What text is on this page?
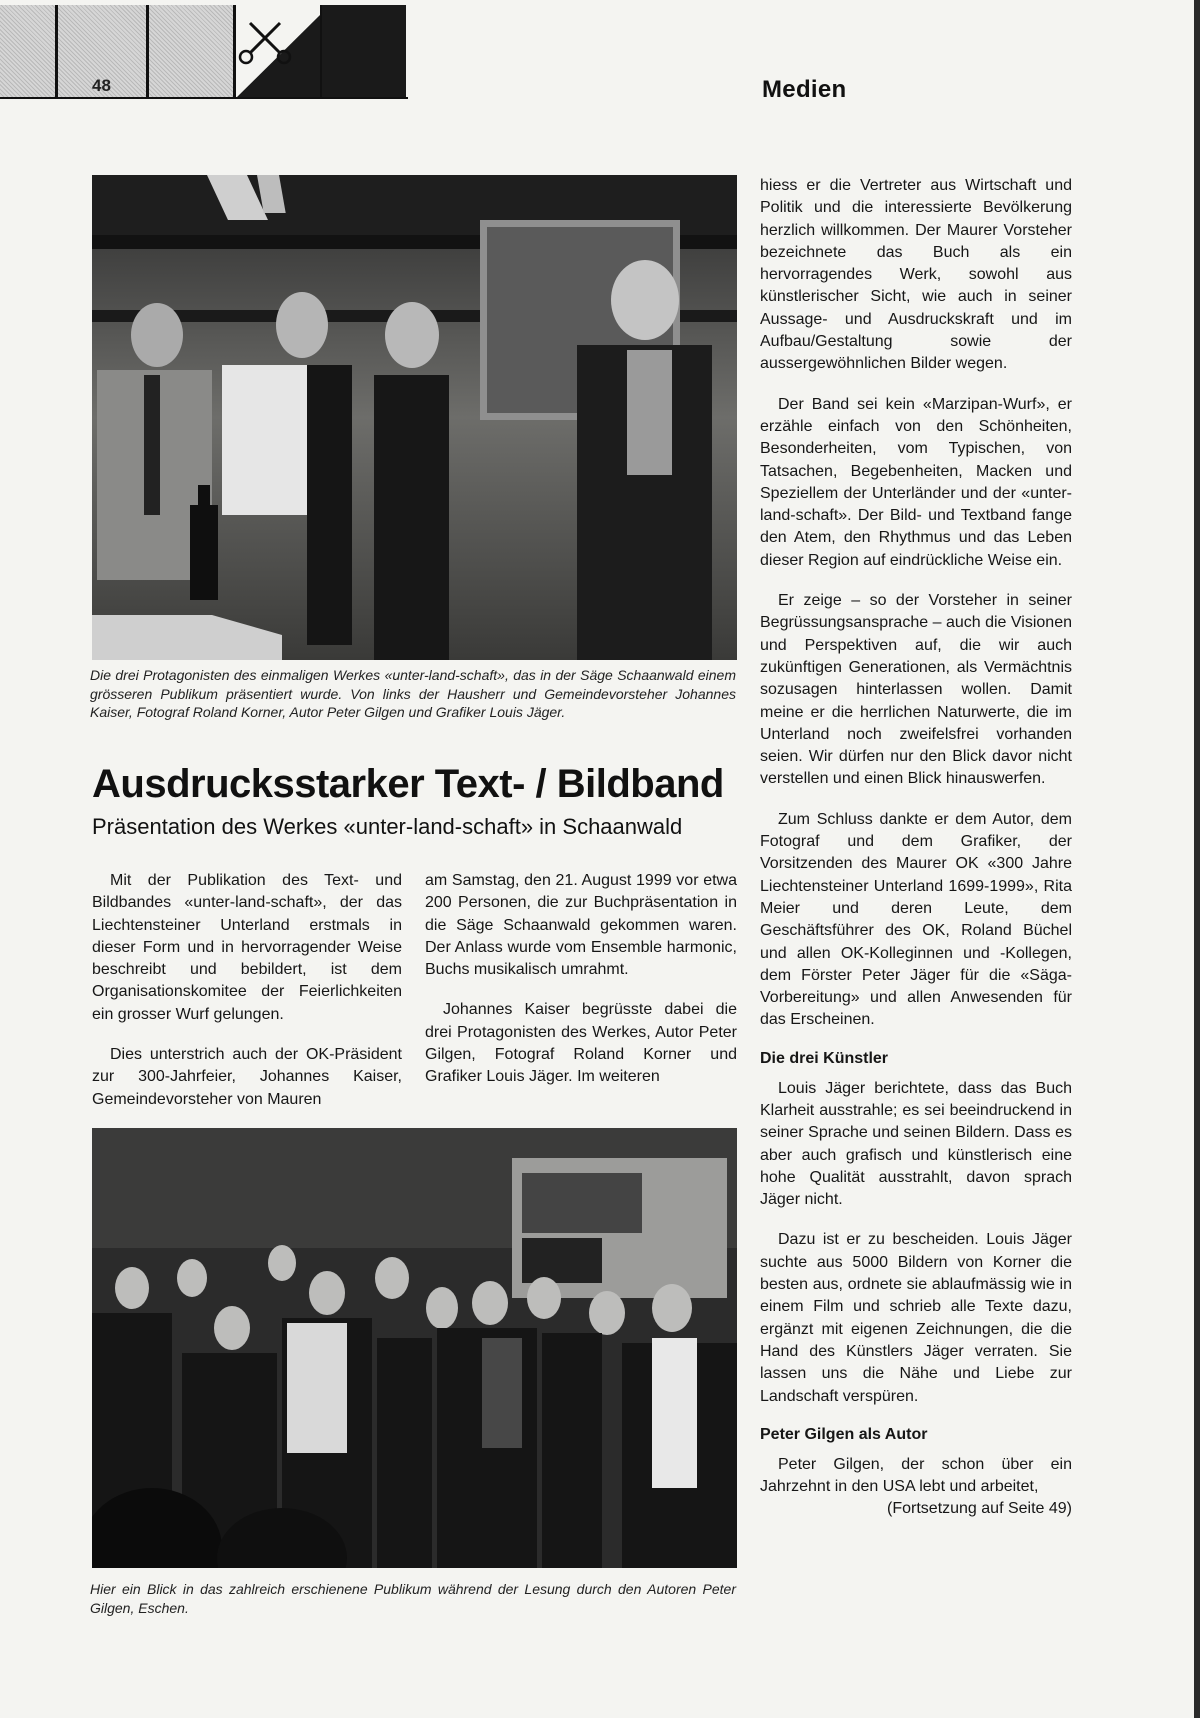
48	Medien
Die drei Protagonisten des einmaligen Werkes «unter-land-schaft», das in der Säge Schaanwald einem grösseren Publikum präsentiert wurde. Von links der Hausherr und Gemeindevorsteher Johannes Kaiser, Fotograf Roland Korner, Autor Peter Gilgen und Grafiker Louis Jäger.
Ausdrucksstarker Text- / Bildband
Präsentation des Werkes «unter-land-schaft» in Schaanwald

Mit der Publikation des Text- und Bildbandes «unter-land-schaft», der das Liechtensteiner Unterland erstmals in dieser Form und in hervorragender Weise beschreibt und bebildert, ist dem Organisationskomitee der Feierlichkeiten ein grosser Wurf gelungen.

Dies unterstrich auch der OK-Präsident zur 300-Jahrfeier, Johannes Kaiser, Gemeindevorsteher von Mauren

am Samstag, den 21. August 1999 vor etwa 200 Personen, die zur Buchpräsentation in die Säge Schaanwald gekommen waren. Der Anlass wurde vom Ensemble harmonic, Buchs musikalisch umrahmt.

Johannes Kaiser begrüsste dabei die drei Protagonisten des Werkes, Autor Peter Gilgen, Fotograf Roland Korner und Grafiker Louis Jäger. Im weiteren

hiess er die Vertreter aus Wirtschaft und Politik und die interessierte Bevölkerung herzlich willkommen. Der Maurer Vorsteher bezeichnete das Buch als ein hervorragendes Werk, sowohl aus künstlerischer Sicht, wie auch in seiner Aussage- und Ausdruckskraft und im Aufbau/Gestaltung sowie der aussergewöhnlichen Bilder wegen.

Der Band sei kein «Marzipan-Wurf», er erzähle einfach von den Schönheiten, Besonderheiten, vom Typischen, von Tatsachen, Begebenheiten, Macken und Speziellem der Unterländer und der «unter-land-schaft». Der Bild- und Textband fange den Atem, den Rhythmus und das Leben dieser Region auf eindrückliche Weise ein.

Er zeige – so der Vorsteher in seiner Begrüssungsansprache – auch die Visionen und Perspektiven auf, die wir auch zukünftigen Generationen, als Vermächtnis sozusagen hinterlassen wollen. Damit meine er die herrlichen Naturwerte, die im Unterland noch zweifelsfrei vorhanden seien. Wir dürfen nur den Blick davor nicht verstellen und einen Blick hinauswerfen.

Zum Schluss dankte er dem Autor, dem Fotograf und dem Grafiker, der Vorsitzenden des Maurer OK «300 Jahre Liechtensteiner Unterland 1699-1999», Rita Meier und deren Leute, dem Geschäftsführer des OK, Roland Büchel und allen OK-Kolleginnen und -Kollegen, dem Förster Peter Jäger für die «Säga-Vorbereitung» und allen Anwesenden für das Erscheinen.

Die drei Künstler

Louis Jäger berichtete, dass das Buch Klarheit ausstrahle; es sei beeindruckend in seiner Sprache und seinen Bildern. Dass es aber auch grafisch und künstlerisch eine hohe Qualität ausstrahlt, davon sprach Jäger nicht.

Dazu ist er zu bescheiden. Louis Jäger suchte aus 5000 Bildern von Korner die besten aus, ordnete sie ablaufmässig wie in einem Film und schrieb alle Texte dazu, ergänzt mit eigenen Zeichnungen, die die Hand des Künstlers Jäger verraten. Sie lassen uns die Nähe und Liebe zur Landschaft verspüren.

Peter Gilgen als Autor

Peter Gilgen, der schon über ein Jahrzehnt in den USA lebt und arbeitet,

(Fortsetzung auf Seite 49)

Hier ein Blick in das zahlreich erschienene Publikum während der Lesung durch den Autoren Peter Gilgen, Eschen.
